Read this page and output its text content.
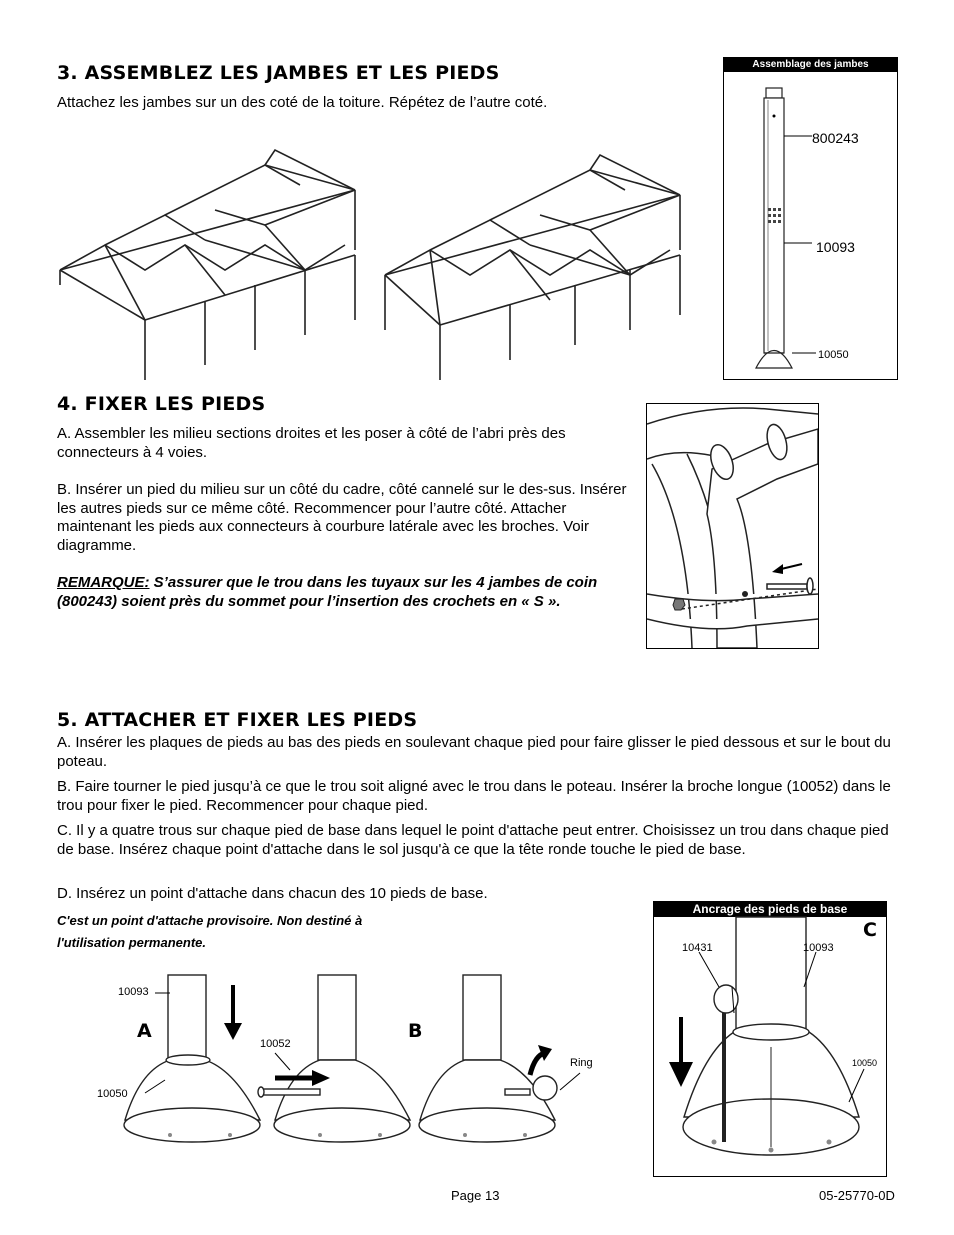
3. ASSEMBLEZ LES JAMBES ET LES PIEDS

Attachez les jambes sur un des coté de la toiture. Répétez de l’autre coté.

Assemblage des jambes
800243
10093
10050
4. FIXER LES PIEDS

A. Assembler les milieu sections droites et les poser à côté de l’abri près des connecteurs à 4 voies.

B. Insérer un pied du milieu sur un côté du cadre, côté cannelé sur le des-sus. Insérer les autres pieds sur ce même côté. Recommencer pour l’autre côté. Attacher maintenant les pieds aux connecteurs à courbure latérale avec les broches. Voir diagramme.

REMARQUE: S’assurer que le trou dans les tuyaux sur les 4 jambes de coin (800243) soient près du sommet pour l’insertion des crochets en « S ».

5. ATTACHER ET FIXER LES PIEDS

A. Insérer les plaques de pieds au bas des pieds en soulevant chaque pied pour faire glisser le pied dessous et sur le bout du poteau.

B. Faire tourner le pied jusqu’à ce que le trou soit aligné avec le trou dans le poteau. Insérer la broche longue (10052) dans le trou pour fixer le pied. Recommencer pour chaque pied.

C. Il y a quatre trous sur chaque pied de base dans lequel le point d'attache peut entrer. Choisissez un trou dans chaque pied de base. Insérez chaque point d'attache dans le sol jusqu'à ce que la tête ronde touche le pied de base.

D. Insérez un point d'attache dans chacun des 10 pieds de base.

C'est un point d'attache provisoire. Non destiné à
l'utilisation permanente.
10093
10050
10052
Ring
A	B
Ancrage des pieds de base
C
10431	10093
10050
Page 13	05-25770-0D
